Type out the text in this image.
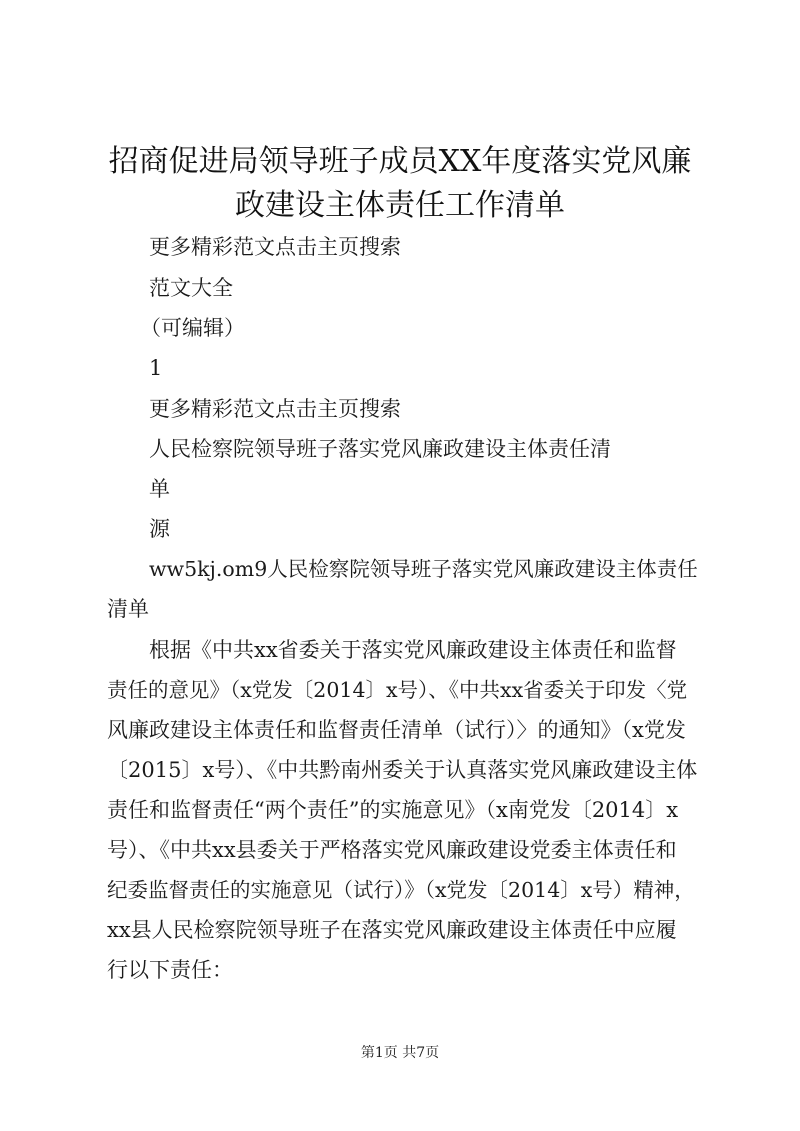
招商促进局领导班子成员XX年度落实党风廉
政建设主体责任工作清单
更多精彩范文点击主页搜索
范文大全
（可编辑）
1
更多精彩范文点击主页搜索
人民检察院领导班子落实党风廉政建设主体责任清
单
源
ww5kj.om9人民检察院领导班子落实党风廉政建设主体责任
清单
根据《中共xx省委关于落实党风廉政建设主体责任和监督
责任的意见》（x党发〔2014〕x号）、《中共xx省委关于印发〈党
风廉政建设主体责任和监督责任清单（试行）〉的通知》（x党发
〔2015〕x号）、《中共黔南州委关于认真落实党风廉政建设主体
责任和监督责任“两个责任”的实施意见》（x南党发〔2014〕x
号）、《中共xx县委关于严格落实党风廉政建设党委主体责任和
纪委监督责任的实施意见（试行）》（x党发〔2014〕x号）精神，
xx县人民检察院领导班子在落实党风廉政建设主体责任中应履
行以下责任：
第1页 共7页
